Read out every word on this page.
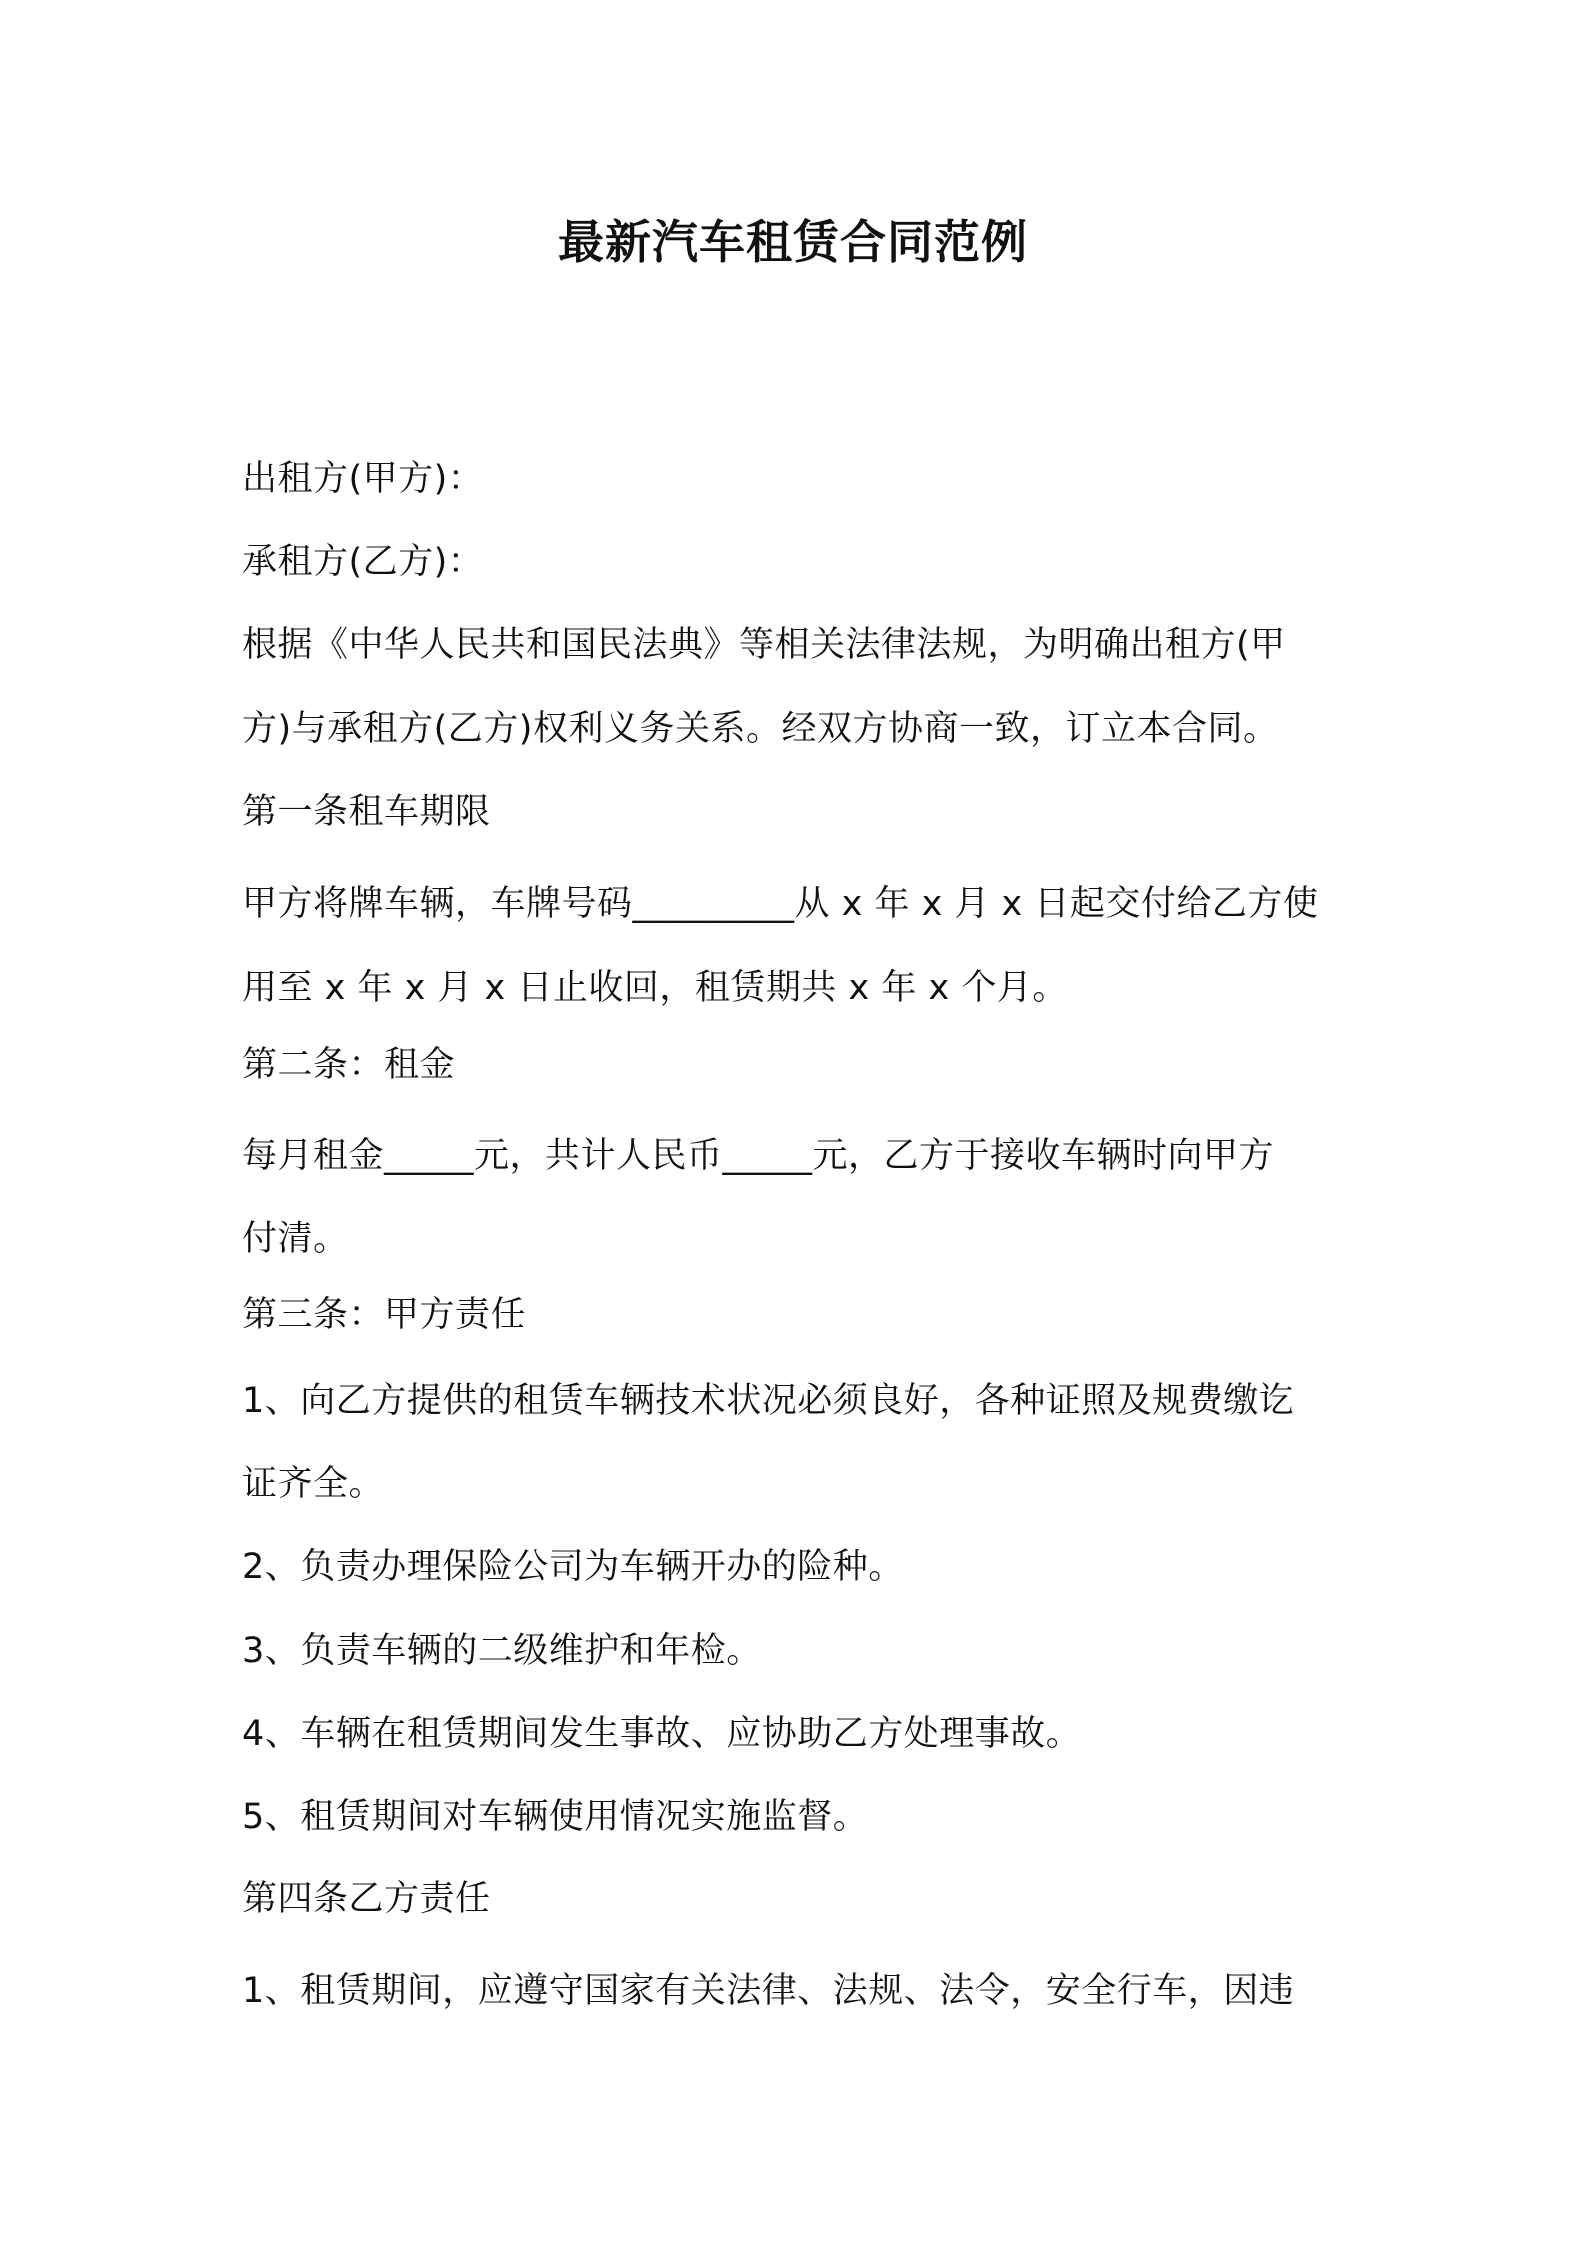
最新汽车租赁合同范例
出租方(甲方)：
承租方(乙方)：
根据《中华人民共和国民法典》等相关法律法规，为明确出租方(甲
方)与承租方(乙方)权利义务关系。经双方协商一致，订立本合同。
第一条租车期限
甲方将牌车辆，车牌号码_________从 x 年 x 月 x 日起交付给乙方使
用至 x 年 x 月 x 日止收回，租赁期共 x 年 x 个月。
第二条：租金
每月租金_____元，共计人民币_____元，乙方于接收车辆时向甲方
付清。
第三条：甲方责任
1、向乙方提供的租赁车辆技术状况必须良好，各种证照及规费缴讫
证齐全。
2、负责办理保险公司为车辆开办的险种。
3、负责车辆的二级维护和年检。
4、车辆在租赁期间发生事故、应协助乙方处理事故。
5、租赁期间对车辆使用情况实施监督。
第四条乙方责任
1、租赁期间，应遵守国家有关法律、法规、法令，安全行车，因违
